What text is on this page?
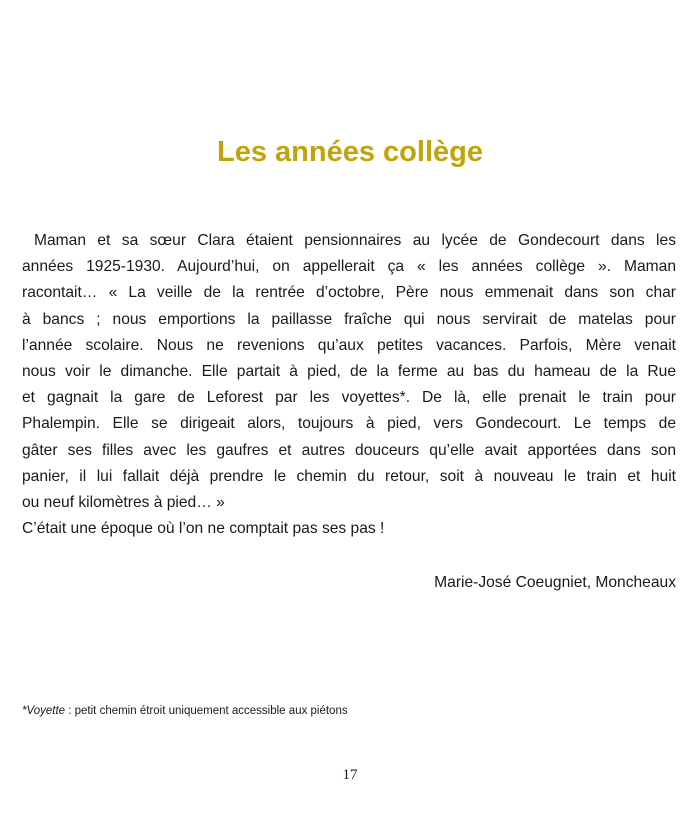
Les années collège
Maman et sa sœur Clara étaient pensionnaires au lycée de Gondecourt dans les
années 1925-1930. Aujourd’hui, on appellerait ça « les années collège ». Maman
racontait… « La veille de la rentrée d’octobre, Père nous emmenait dans son char
à bancs ; nous emportions la paillasse fraîche qui nous servirait de matelas pour
l’année scolaire. Nous ne revenions qu’aux petites vacances. Parfois, Mère venait
nous voir le dimanche. Elle partait à pied, de la ferme au bas du hameau de la Rue
et gagnait la gare de Leforest par les voyettes*. De là, elle prenait le train pour
Phalempin. Elle se dirigeait alors, toujours à pied, vers Gondecourt. Le temps de
gâter ses filles avec les gaufres et autres douceurs qu’elle avait apportées dans son
panier, il lui fallait déjà prendre le chemin du retour, soit à nouveau le train et huit
ou neuf kilomètres à pied… »
C’était une époque où l’on ne comptait pas ses pas !

Marie-José Coeugniet, Moncheaux

*Voyette : petit chemin étroit uniquement accessible aux piétons

17
